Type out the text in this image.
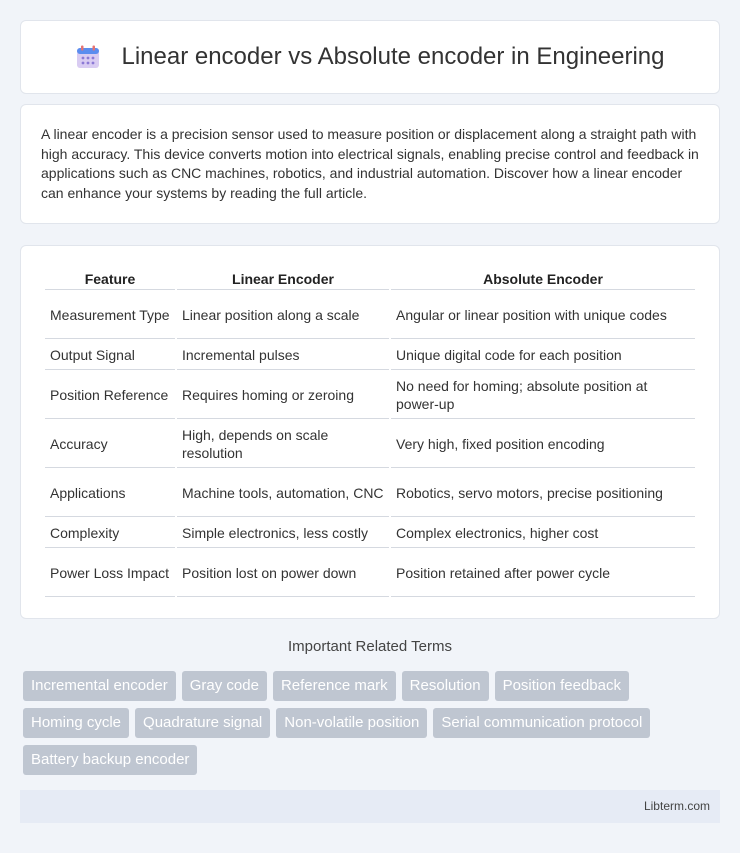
Linear encoder vs Absolute encoder in Engineering

A linear encoder is a precision sensor used to measure position or displacement along a straight path with high accuracy. This device converts motion into electrical signals, enabling precise control and feedback in applications such as CNC machines, robotics, and industrial automation. Discover how a linear encoder can enhance your systems by reading the full article.

Feature	Linear Encoder	Absolute Encoder
Measurement Type	Linear position along a scale	Angular or linear position with unique codes
Output Signal	Incremental pulses	Unique digital code for each position
Position Reference	Requires homing or zeroing	No need for homing; absolute position at power-up
Accuracy	High, depends on scale resolution	Very high, fixed position encoding
Applications	Machine tools, automation, CNC	Robotics, servo motors, precise positioning
Complexity	Simple electronics, less costly	Complex electronics, higher cost
Power Loss Impact	Position lost on power down	Position retained after power cycle
Important Related Terms
Incremental encoder	Gray code	Reference mark	Resolution	Position feedback
Homing cycle	Quadrature signal	Non-volatile position	Serial communication protocol
Battery backup encoder
Libterm.com
